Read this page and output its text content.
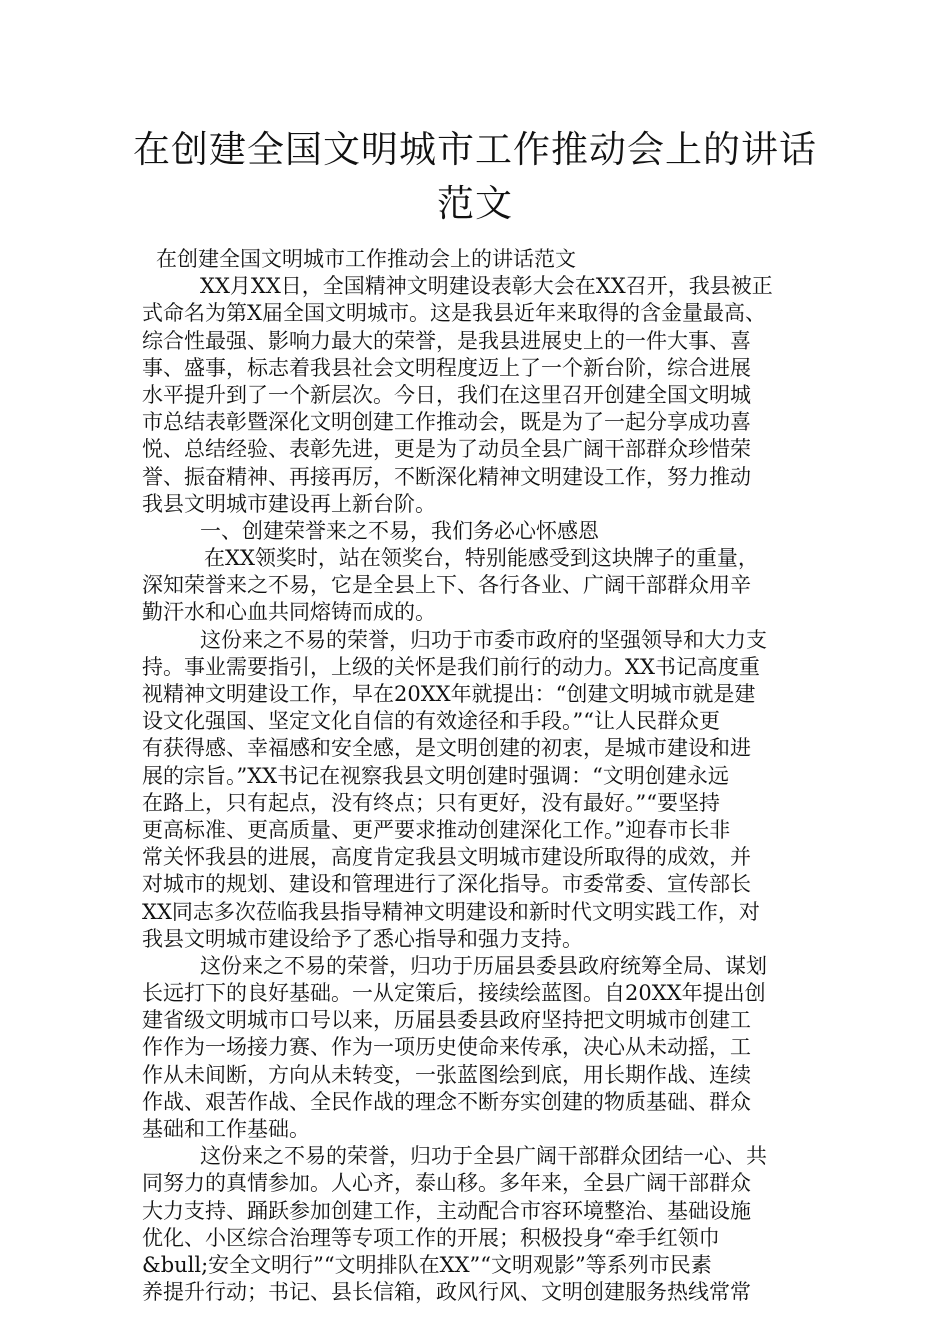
在创建全国文明城市工作推动会上的讲话
范文
在创建全国文明城市工作推动会上的讲话范文
XX月XX日，全国精神文明建设表彰大会在XX召开，我县被正
式命名为第X届全国文明城市。这是我县近年来取得的含金量最高、
综合性最强、影响力最大的荣誉，是我县进展史上的一件大事、喜
事、盛事，标志着我县社会文明程度迈上了一个新台阶，综合进展
水平提升到了一个新层次。今日，我们在这里召开创建全国文明城
市总结表彰暨深化文明创建工作推动会，既是为了一起分享成功喜
悦、总结经验、表彰先进，更是为了动员全县广阔干部群众珍惜荣
誉、振奋精神、再接再厉，不断深化精神文明建设工作，努力推动
我县文明城市建设再上新台阶。
一、创建荣誉来之不易，我们务必心怀感恩
在XX领奖时，站在领奖台，特别能感受到这块牌子的重量，
深知荣誉来之不易，它是全县上下、各行各业、广阔干部群众用辛
勤汗水和心血共同熔铸而成的。
这份来之不易的荣誉，归功于市委市政府的坚强领导和大力支
持。事业需要指引，上级的关怀是我们前行的动力。XX书记高度重
视精神文明建设工作，早在20XX年就提出：“创建文明城市就是建
设文化强国、坚定文化自信的有效途径和手段。”“让人民群众更
有获得感、幸福感和安全感，是文明创建的初衷，是城市建设和进
展的宗旨。”XX书记在视察我县文明创建时强调：“文明创建永远
在路上，只有起点，没有终点；只有更好，没有最好。”“要坚持
更高标准、更高质量、更严要求推动创建深化工作。”迎春市长非
常关怀我县的进展，高度肯定我县文明城市建设所取得的成效，并
对城市的规划、建设和管理进行了深化指导。市委常委、宣传部长
XX同志多次莅临我县指导精神文明建设和新时代文明实践工作，对
我县文明城市建设给予了悉心指导和强力支持。
这份来之不易的荣誉，归功于历届县委县政府统筹全局、谋划
长远打下的良好基础。一从定策后，接续绘蓝图。自20XX年提出创
建省级文明城市口号以来，历届县委县政府坚持把文明城市创建工
作作为一场接力赛、作为一项历史使命来传承，决心从未动摇，工
作从未间断，方向从未转变，一张蓝图绘到底，用长期作战、连续
作战、艰苦作战、全民作战的理念不断夯实创建的物质基础、群众
基础和工作基础。
这份来之不易的荣誉，归功于全县广阔干部群众团结一心、共
同努力的真情参加。人心齐，泰山移。多年来，全县广阔干部群众
大力支持、踊跃参加创建工作，主动配合市容环境整治、基础设施
优化、小区综合治理等专项工作的开展；积极投身“牵手红领巾
&bull;安全文明行”“文明排队在XX”“文明观影”等系列市民素
养提升行动；书记、县长信箱，政风行风、文明创建服务热线常常
